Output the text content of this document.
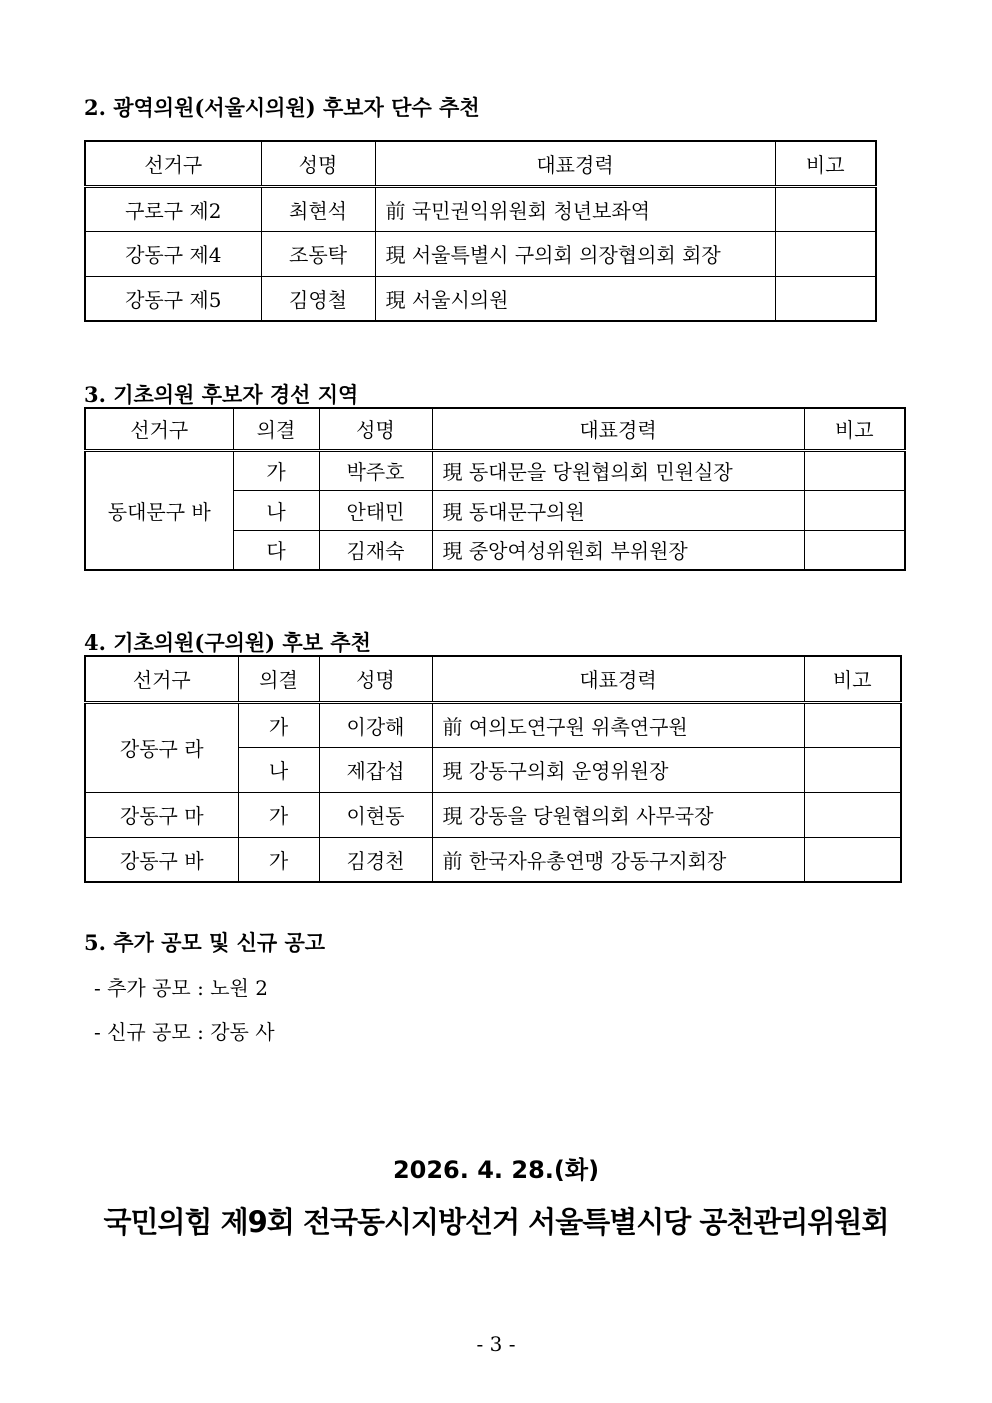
2. 광역의원(서울시의원) 후보자 단수 추천
선거구	성명	대표경력	비고
구로구 제2	최현석	前 국민권익위원회 청년보좌역	
강동구 제4	조동탁	現 서울특별시 구의회 의장협의회 회장	
강동구 제5	김영철	現 서울시의원	
3. 기초의원 후보자 경선 지역
선거구	의결	성명	대표경력	비고
동대문구 바	가	박주호	現 동대문을 당원협의회 민원실장	
	나	안태민	現 동대문구의원	
	다	김재숙	現 중앙여성위원회 부위원장	
4. 기초의원(구의원) 후보 추천
선거구	의결	성명	대표경력	비고
강동구 라	가	이강해	前 여의도연구원 위촉연구원	
	나	제갑섭	現 강동구의회 운영위원장	
강동구 마	가	이현동	現 강동을 당원협의회 사무국장	
강동구 바	가	김경천	前 한국자유총연맹 강동구지회장	
5. 추가 공모 및 신규 공고
- 추가 공모 : 노원 2
- 신규 공모 : 강동 사
2026. 4. 28.(화)
국민의힘 제9회 전국동시지방선거 서울특별시당 공천관리위원회
- 3 -
